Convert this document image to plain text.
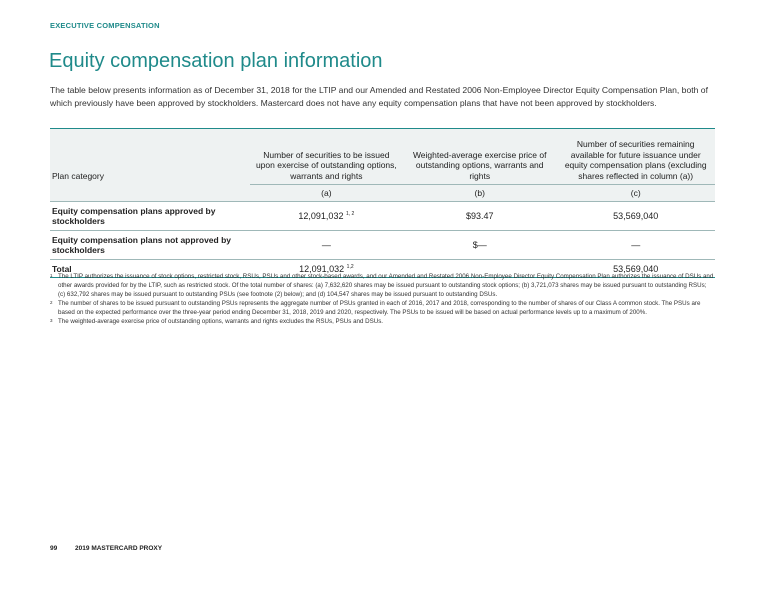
EXECUTIVE COMPENSATION
Equity compensation plan information

The table below presents information as of December 31, 2018 for the LTIP and our Amended and Restated 2006 Non-Employee Director Equity Compensation Plan, both of which previously have been approved by stockholders. Mastercard does not have any equity compensation plans that have not been approved by stockholders.

Plan category	Number of securities to be issued upon exercise of outstanding options, warrants and rights	Weighted-average exercise price of outstanding options, warrants and rights	Number of securities remaining available for future issuance under equity compensation plans (excluding shares reflected in column (a))
	(a)	(b)	(c)
Equity compensation plans approved by stockholders	12,091,032 $^{1, 2}$	$93.47	53,569,040
Equity compensation plans not approved by stockholders	—	$—	—
Total	12,091,032 $^{1,2}$		53,569,040

1 The LTIP authorizes the issuance of stock options, restricted stock, RSUs, PSUs and other stock-based awards, and our Amended and Restated 2006 Non-Employee Director Equity Compensation Plan authorizes the issuance of DSUs and other awards provided for by the LTIP, such as restricted stock. Of the total number of shares: (a) 7,632,620 shares may be issued pursuant to outstanding stock options; (b) 3,721,073 shares may be issued pursuant to outstanding RSUs; (c) 632,792 shares may be issued pursuant to outstanding PSUs (see footnote (2) below); and (d) 104,547 shares may be issued pursuant to outstanding DSUs.

2 The number of shares to be issued pursuant to outstanding PSUs represents the aggregate number of PSUs granted in each of 2016, 2017 and 2018, corresponding to the number of shares of our Class A common stock. The PSUs are based on the expected performance over the three-year period ending December 31, 2018, 2019 and 2020, respectively. The PSUs to be issued will be based on actual performance levels up to a maximum of 200%.

3 The weighted-average exercise price of outstanding options, warrants and rights excludes the RSUs, PSUs and DSUs.

99	2019 MASTERCARD PROXY
